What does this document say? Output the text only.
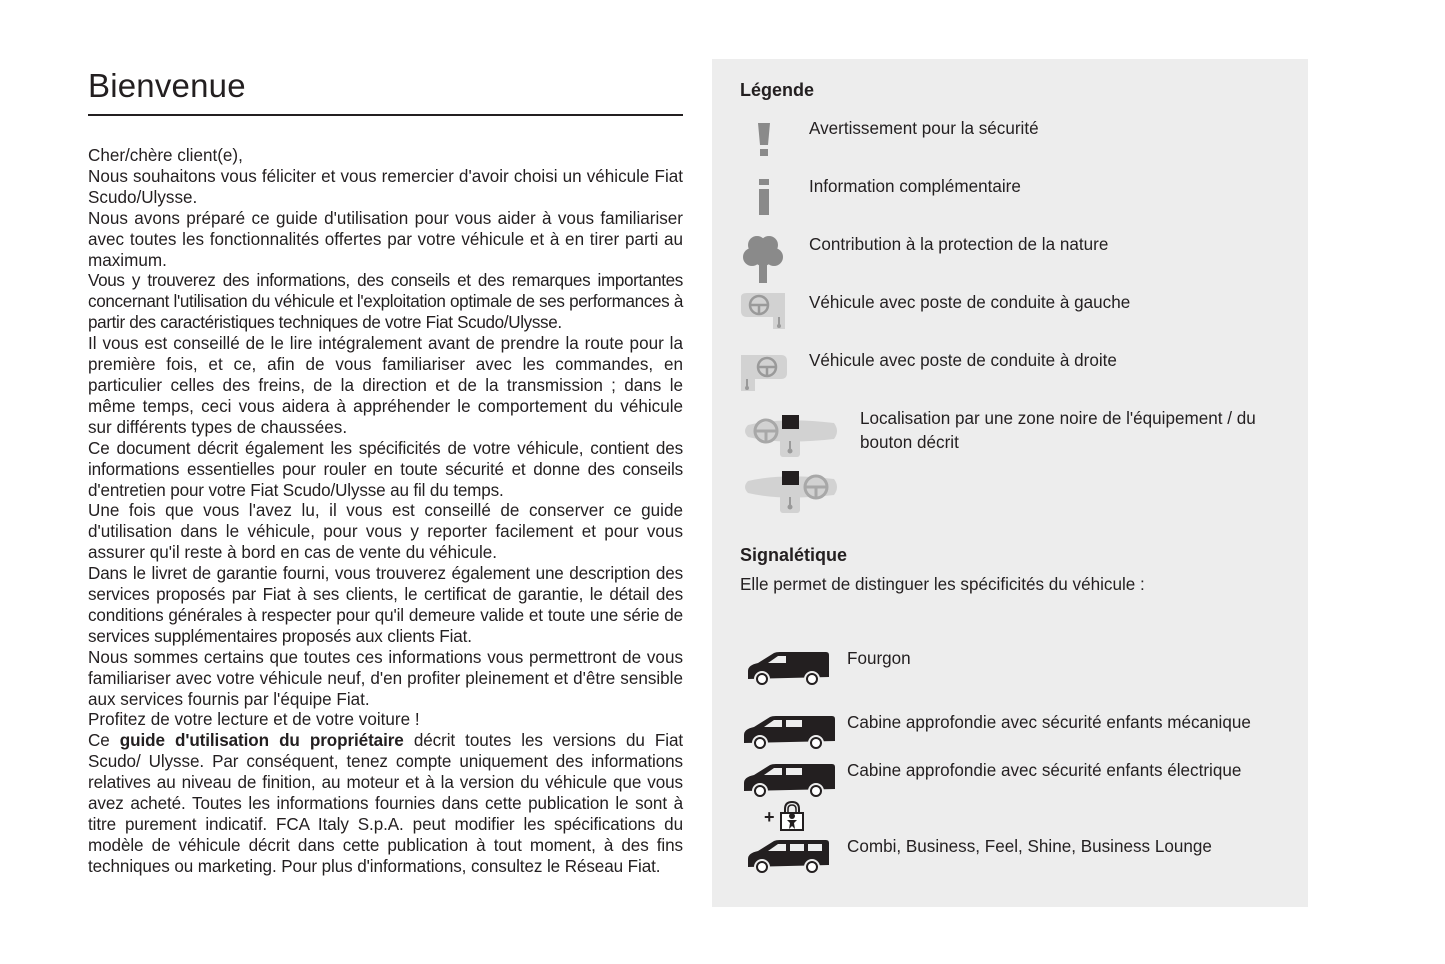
Bienvenue

Cher/chère client(e),

Nous souhaitons vous féliciter et vous remercier d'avoir choisi un véhicule Fiat Scudo/Ulysse.

Nous avons préparé ce guide d'utilisation pour vous aider à vous familiariser avec toutes les fonctionnalités offertes par votre véhicule et à en tirer parti au maximum.

Vous y trouverez des informations, des conseils et des remarques importantes concernant l'utilisation du véhicule et l'exploitation optimale de ses performances à partir des caractéristiques techniques de votre Fiat Scudo/Ulysse.

Il vous est conseillé de le lire intégralement avant de prendre la route pour la première fois, et ce, afin de vous familiariser avec les commandes, en particulier celles des freins, de la direction et de la transmission ; dans le même temps, ceci vous aidera à appréhender le comportement du véhicule sur différents types de chaussées.

Ce document décrit également les spécificités de votre véhicule, contient des informations essentielles pour rouler en toute sécurité et donne des conseils d'entretien pour votre Fiat Scudo/Ulysse au fil du temps.

Une fois que vous l'avez lu, il vous est conseillé de conserver ce guide d'utilisation dans le véhicule, pour vous y reporter facilement et pour vous assurer qu'il reste à bord en cas de vente du véhicule.

Dans le livret de garantie fourni, vous trouverez également une description des services proposés par Fiat à ses clients, le certificat de garantie, le détail des conditions générales à respecter pour qu'il demeure valide et toute une série de services supplémentaires proposés aux clients Fiat.

Nous sommes certains que toutes ces informations vous permettront de vous familiariser avec votre véhicule neuf, d'en profiter pleinement et d'être sensible aux services fournis par l'équipe Fiat.

Profitez de votre lecture et de votre voiture !

Ce guide d'utilisation du propriétaire décrit toutes les versions du Fiat Scudo/ Ulysse. Par conséquent, tenez compte uniquement des informations relatives au niveau de finition, au moteur et à la version du véhicule que vous avez acheté. Toutes les informations fournies dans cette publication le sont à titre purement indicatif. FCA Italy S.p.A. peut modifier les spécifications du modèle de véhicule décrit dans cette publication à tout moment, à des fins techniques ou marketing. Pour plus d'informations, consultez le Réseau Fiat.

Légende
Avertissement pour la sécurité
Information complémentaire
Contribution à la protection de la nature
Véhicule avec poste de conduite à gauche
Véhicule avec poste de conduite à droite
Localisation par une zone noire de l'équipement / du bouton décrit
Signalétique
Elle permet de distinguer les spécificités du véhicule :
Fourgon
Cabine approfondie avec sécurité enfants mécanique
Cabine approfondie avec sécurité enfants électrique
+
Combi, Business, Feel, Shine, Business Lounge
